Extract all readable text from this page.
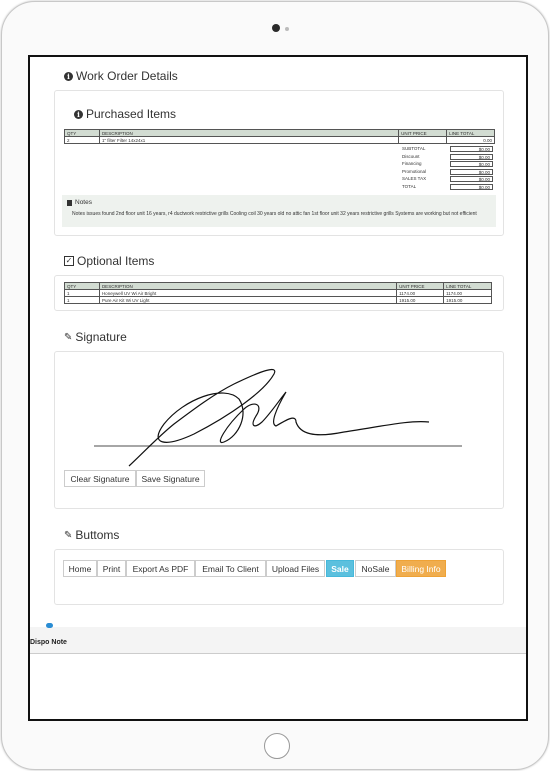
i Work Order Details
i Purchased Items
QTY	DESCRIPTION	UNIT PRICE	LINE TOTAL
2	1" filter Filter 14x24x1		0.00
SUBTOTAL	$0.00
Discount	$0.00
Financing	$0.00
Promotional	$0.00
SALES TAX	$0.00
TOTAL	$0.00
Notes
Notes issues found 2nd floor unit 16 years, r4 ductwork restrictive grills Cooling coil 30 years old no attic fan 1st floor unit 32 years restrictive grills Systems are working but not efficient
✓ Optional Items
QTY	DESCRIPTION	UNIT PRICE	LINE TOTAL
1	Honeywell UV Wi Air Bright	1174.00	1174.00
1	Pure Air Kit Wi UV Light	1915.00	1915.00
✎ Signature
Clear Signature	Save Signature
✎ Buttoms
Home	Print	Export As PDF	Email To Client	Upload Files	Sale	NoSale	Billing Info
Dispo Note
